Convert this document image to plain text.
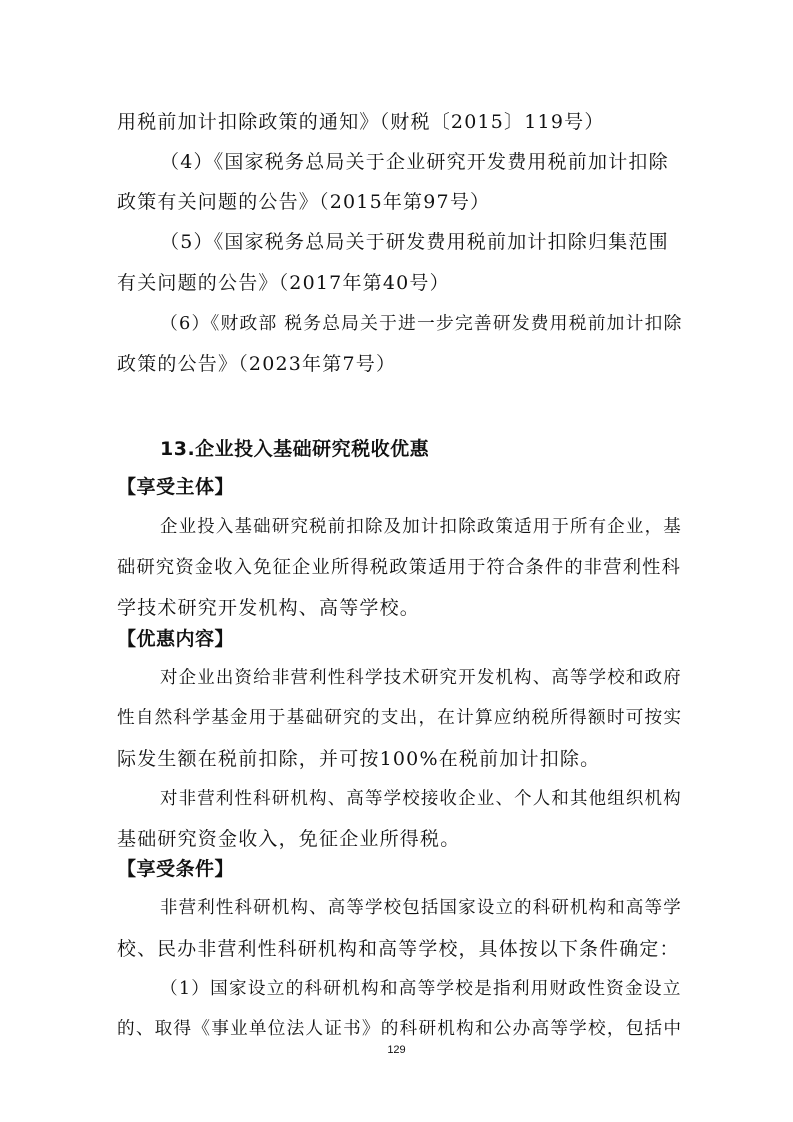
用税前加计扣除政策的通知》（财税〔2015〕119号）
（4）《国家税务总局关于企业研究开发费用税前加计扣除
政策有关问题的公告》（2015年第97号）
（5）《国家税务总局关于研发费用税前加计扣除归集范围
有关问题的公告》（2017年第40号）
（6）《财政部 税务总局关于进一步完善研发费用税前加计扣除
政策的公告》（2023年第7号）
13.企业投入基础研究税收优惠
【享受主体】
企业投入基础研究税前扣除及加计扣除政策适用于所有企业，基
础研究资金收入免征企业所得税政策适用于符合条件的非营利性科
学技术研究开发机构、高等学校。
【优惠内容】
对企业出资给非营利性科学技术研究开发机构、高等学校和政府
性自然科学基金用于基础研究的支出，在计算应纳税所得额时可按实
际发生额在税前扣除，并可按100%在税前加计扣除。
对非营利性科研机构、高等学校接收企业、个人和其他组织机构
基础研究资金收入，免征企业所得税。
【享受条件】
非营利性科研机构、高等学校包括国家设立的科研机构和高等学
校、民办非营利性科研机构和高等学校，具体按以下条件确定：
（1）国家设立的科研机构和高等学校是指利用财政性资金设立
的、取得《事业单位法人证书》的科研机构和公办高等学校，包括中
129
